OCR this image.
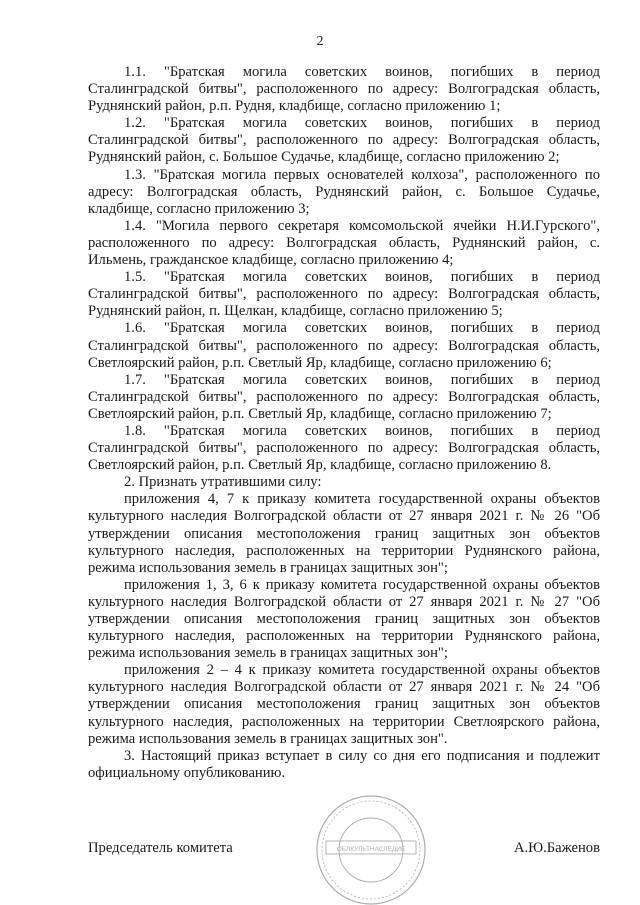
2

1.1. "Братская могила советских воинов, погибших в период Сталинградской битвы", расположенного по адресу: Волгоградская область, Руднянский район, р.п. Рудня, кладбище, согласно приложению 1;

1.2. "Братская могила советских воинов, погибших в период Сталинградской битвы", расположенного по адресу: Волгоградская область, Руднянский район, с. Большое Судачье, кладбище, согласно приложению 2;

1.3. "Братская могила первых основателей колхоза", расположенного по адресу: Волгоградская область, Руднянский район, с. Большое Судачье, кладбище, согласно приложению 3;

1.4. "Могила первого секретаря комсомольской ячейки Н.И.Гурского", расположенного по адресу: Волгоградская область, Руднянский район, с. Ильмень, гражданское кладбище, согласно приложению 4;

1.5. "Братская могила советских воинов, погибших в период Сталинградской битвы", расположенного по адресу: Волгоградская область, Руднянский район, п. Щелкан, кладбище, согласно приложению 5;

1.6. "Братская могила советских воинов, погибших в период Сталинградской битвы", расположенного по адресу: Волгоградская область, Светлоярский район, р.п. Светлый Яр, кладбище, согласно приложению 6;

1.7. "Братская могила советских воинов, погибших в период Сталинградской битвы", расположенного по адресу: Волгоградская область, Светлоярский район, р.п. Светлый Яр, кладбище, согласно приложению 7;

1.8. "Братская могила советских воинов, погибших в период Сталинградской битвы", расположенного по адресу: Волгоградская область, Светлоярский район, р.п. Светлый Яр, кладбище, согласно приложению 8.

2. Признать утратившими силу:

приложения 4, 7 к приказу комитета государственной охраны объектов культурного наследия Волгоградской области от 27 января 2021 г. № 26 "Об утверждении описания местоположения границ защитных зон объектов культурного наследия, расположенных на территории Руднянского района, режима использования земель в границах защитных зон";

приложения 1, 3, 6 к приказу комитета государственной охраны объектов культурного наследия Волгоградской области от 27 января 2021 г. № 27 "Об утверждении описания местоположения границ защитных зон объектов культурного наследия, расположенных на территории Руднянского района, режима использования земель в границах защитных зон";

приложения 2 – 4 к приказу комитета государственной охраны объектов культурного наследия Волгоградской области от 27 января 2021 г. № 24 "Об утверждении описания местоположения границ защитных зон объектов культурного наследия, расположенных на территории Светлоярского района, режима использования земель в границах защитных зон".

3. Настоящий приказ вступает в силу со дня его подписания и подлежит официальному опубликованию.

ОБЛКУЛЬТНАСЛЕДИЕ
Председатель комитета	А.Ю.Баженов
